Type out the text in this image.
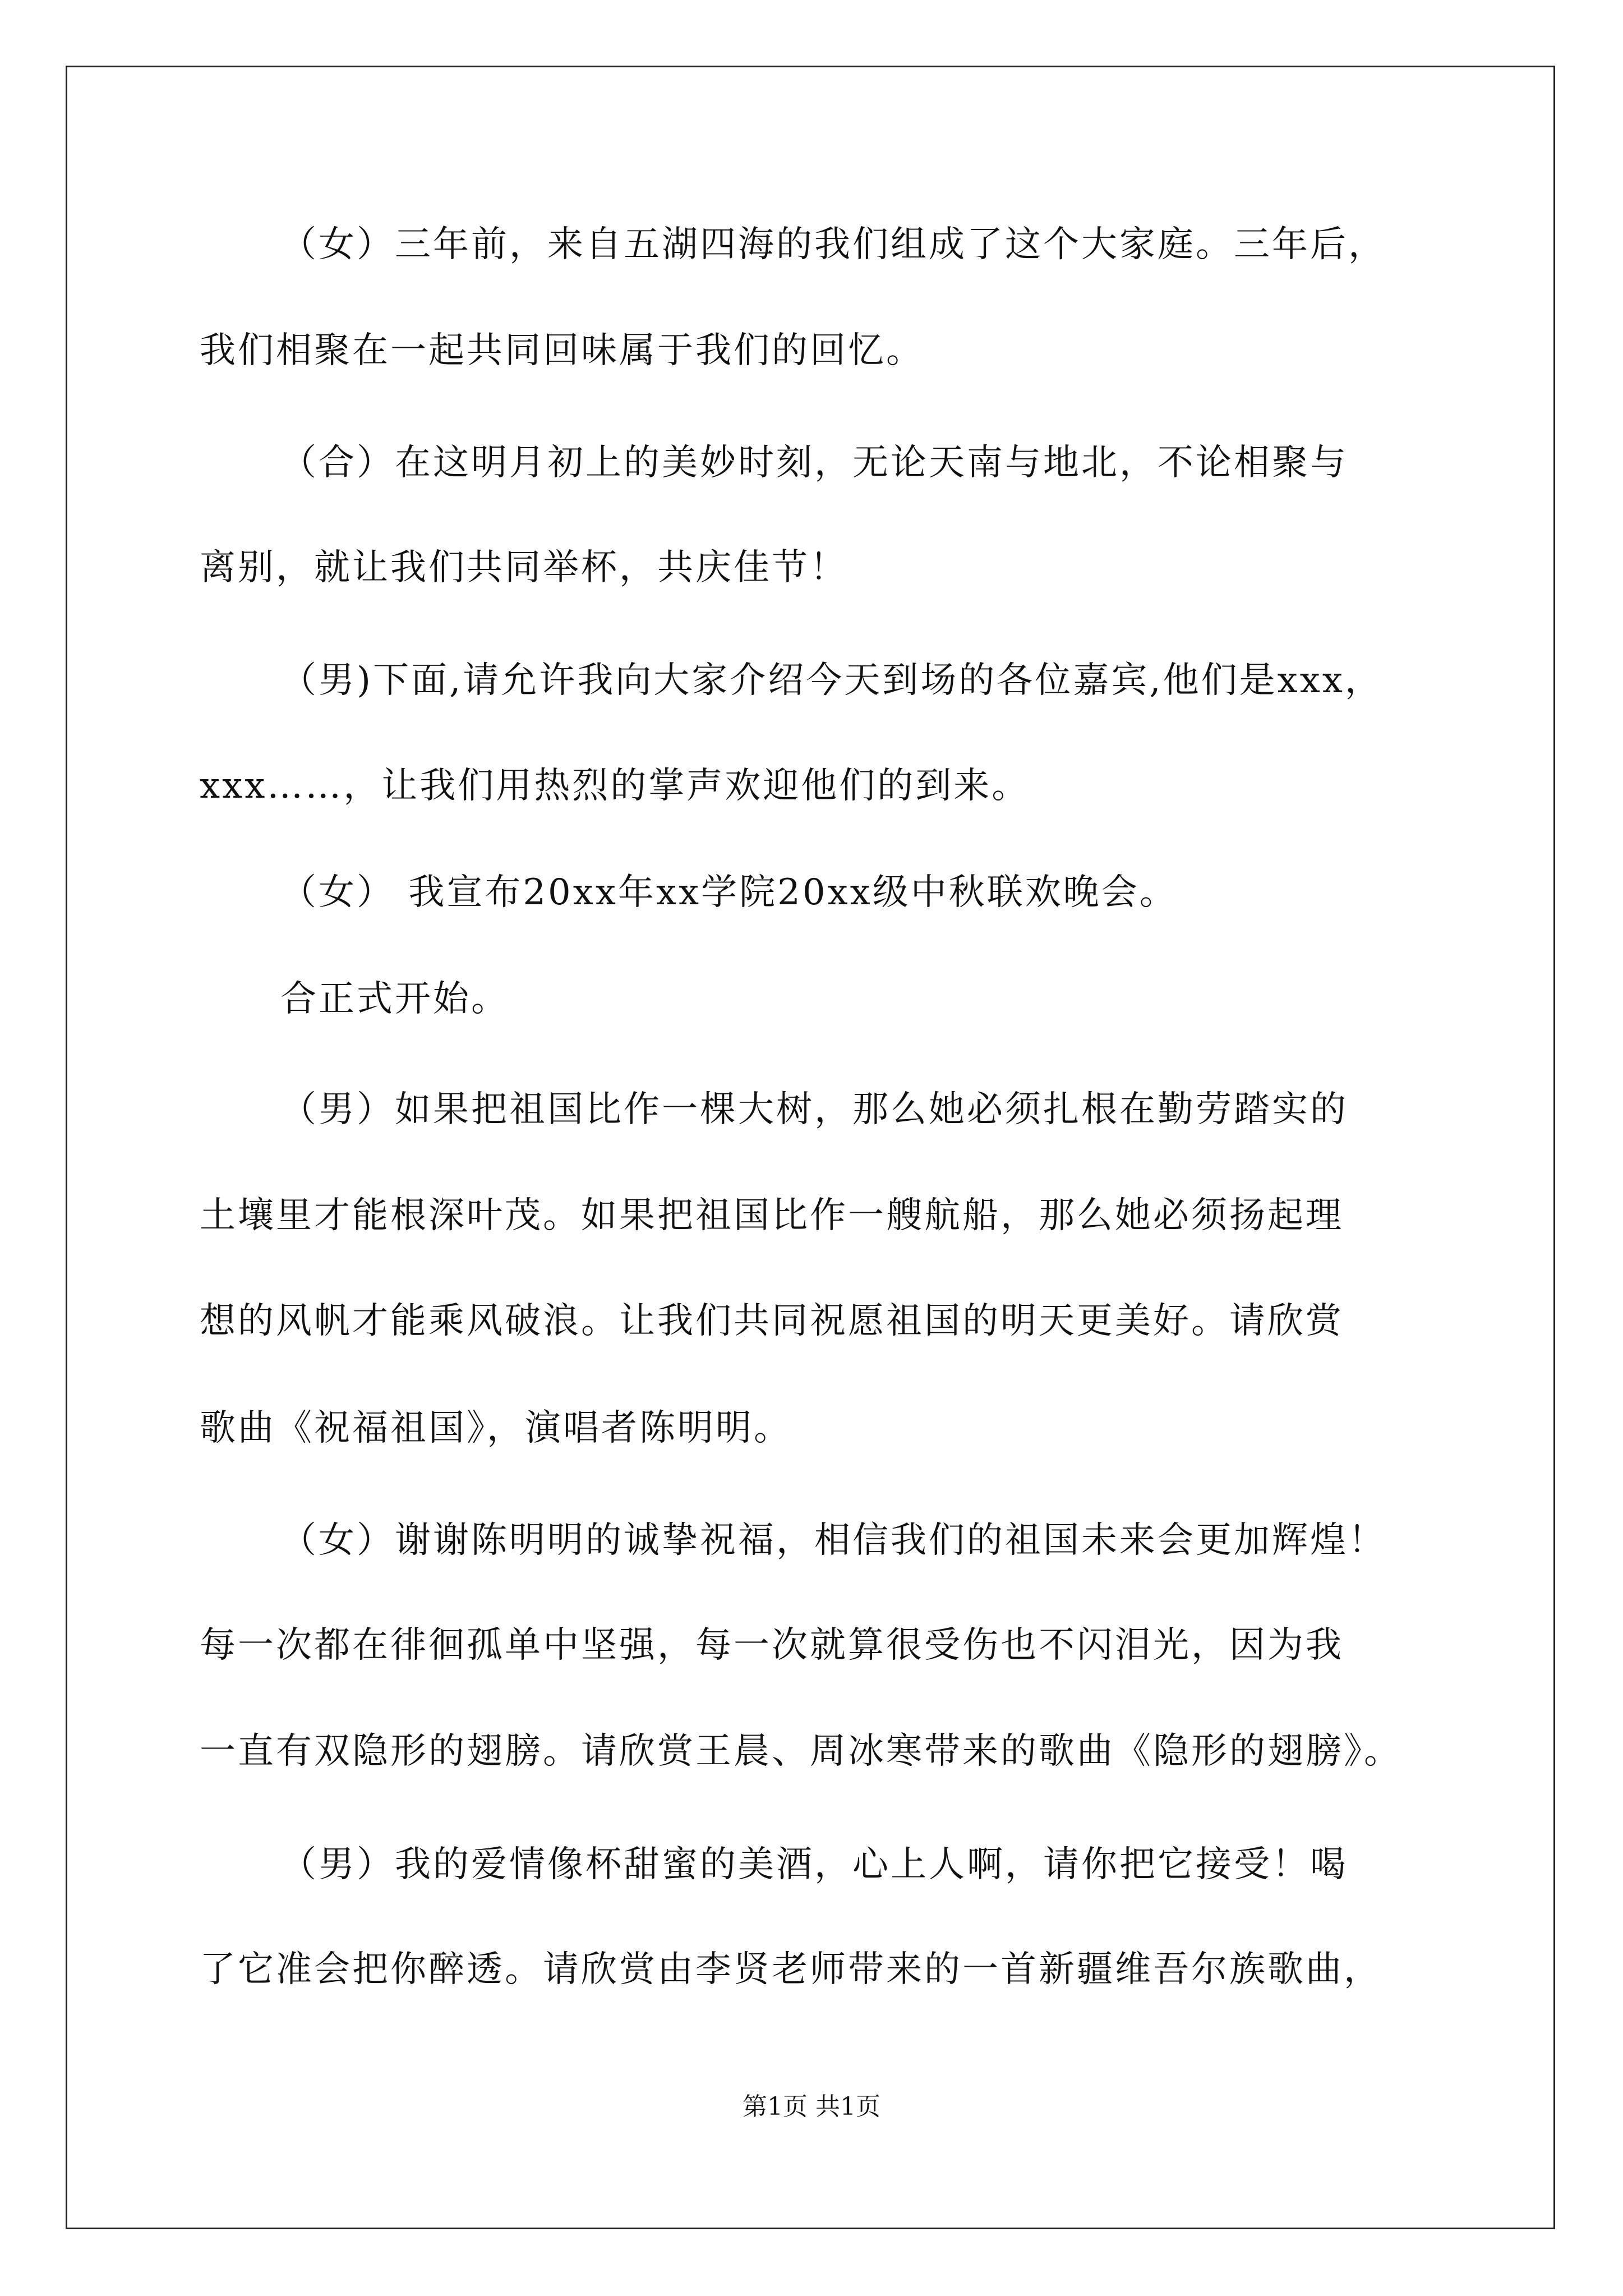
（女）三年前，来自五湖四海的我们组成了这个大家庭。三年后，
我们相聚在一起共同回味属于我们的回忆。
（合）在这明月初上的美妙时刻，无论天南与地北，不论相聚与
离别，就让我们共同举杯，共庆佳节！
（男)下面,请允许我向大家介绍今天到场的各位嘉宾,他们是xxx，
xxx……，让我们用热烈的掌声欢迎他们的到来。
（女） 我宣布20xx年xx学院20xx级中秋联欢晚会。
合正式开始。
（男）如果把祖国比作一棵大树，那么她必须扎根在勤劳踏实的
土壤里才能根深叶茂。如果把祖国比作一艘航船，那么她必须扬起理
想的风帆才能乘风破浪。让我们共同祝愿祖国的明天更美好。请欣赏
歌曲《祝福祖国》，演唱者陈明明。
（女）谢谢陈明明的诚挚祝福，相信我们的祖国未来会更加辉煌！
每一次都在徘徊孤单中坚强，每一次就算很受伤也不闪泪光，因为我
一直有双隐形的翅膀。请欣赏王晨、周冰寒带来的歌曲《隐形的翅膀》。
（男）我的爱情像杯甜蜜的美酒，心上人啊，请你把它接受！喝
了它准会把你醉透。请欣赏由李贤老师带来的一首新疆维吾尔族歌曲，
第1页 共1页
